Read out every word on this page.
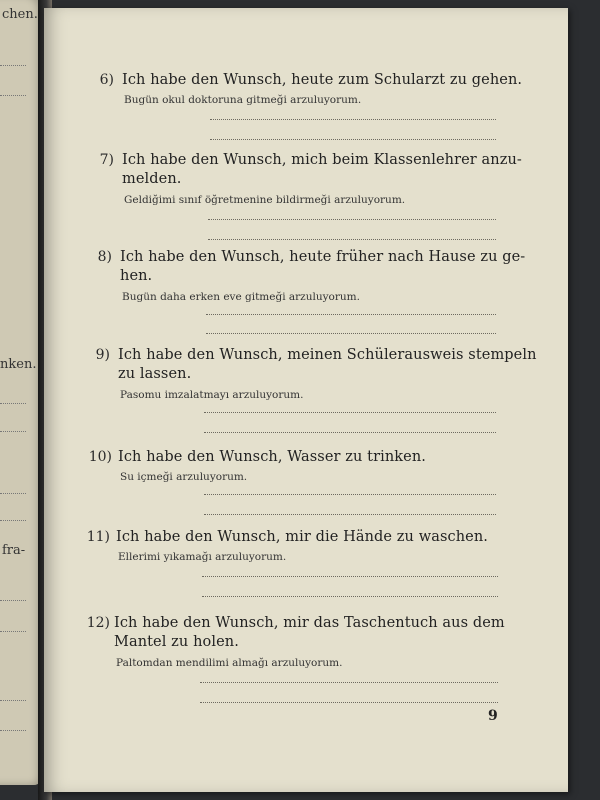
chen.
nken.
fra-
6) Ich habe den Wunsch, heute zum Schularzt zu gehen.
Bugün okul doktoruna gitmeği arzuluyorum.
7) Ich habe den Wunsch, mich beim Klassenlehrer anzu-
melden.
Geldiğimi sınıf öğretmenine bildirmeği arzuluyorum.
8) Ich habe den Wunsch, heute früher nach Hause zu ge-
hen.
Bugün daha erken eve gitmeği arzuluyorum.
9) Ich habe den Wunsch, meinen Schülerausweis stempeln
zu lassen.
Pasomu imzalatmayı arzuluyorum.
10) Ich habe den Wunsch, Wasser zu trinken.
Su içmeği arzuluyorum.
11) Ich habe den Wunsch, mir die Hände zu waschen.
Ellerimi yıkamağı arzuluyorum.
12) Ich habe den Wunsch, mir das Taschentuch aus dem
Mantel zu holen.
Paltomdan mendilimi almağı arzuluyorum.
9
